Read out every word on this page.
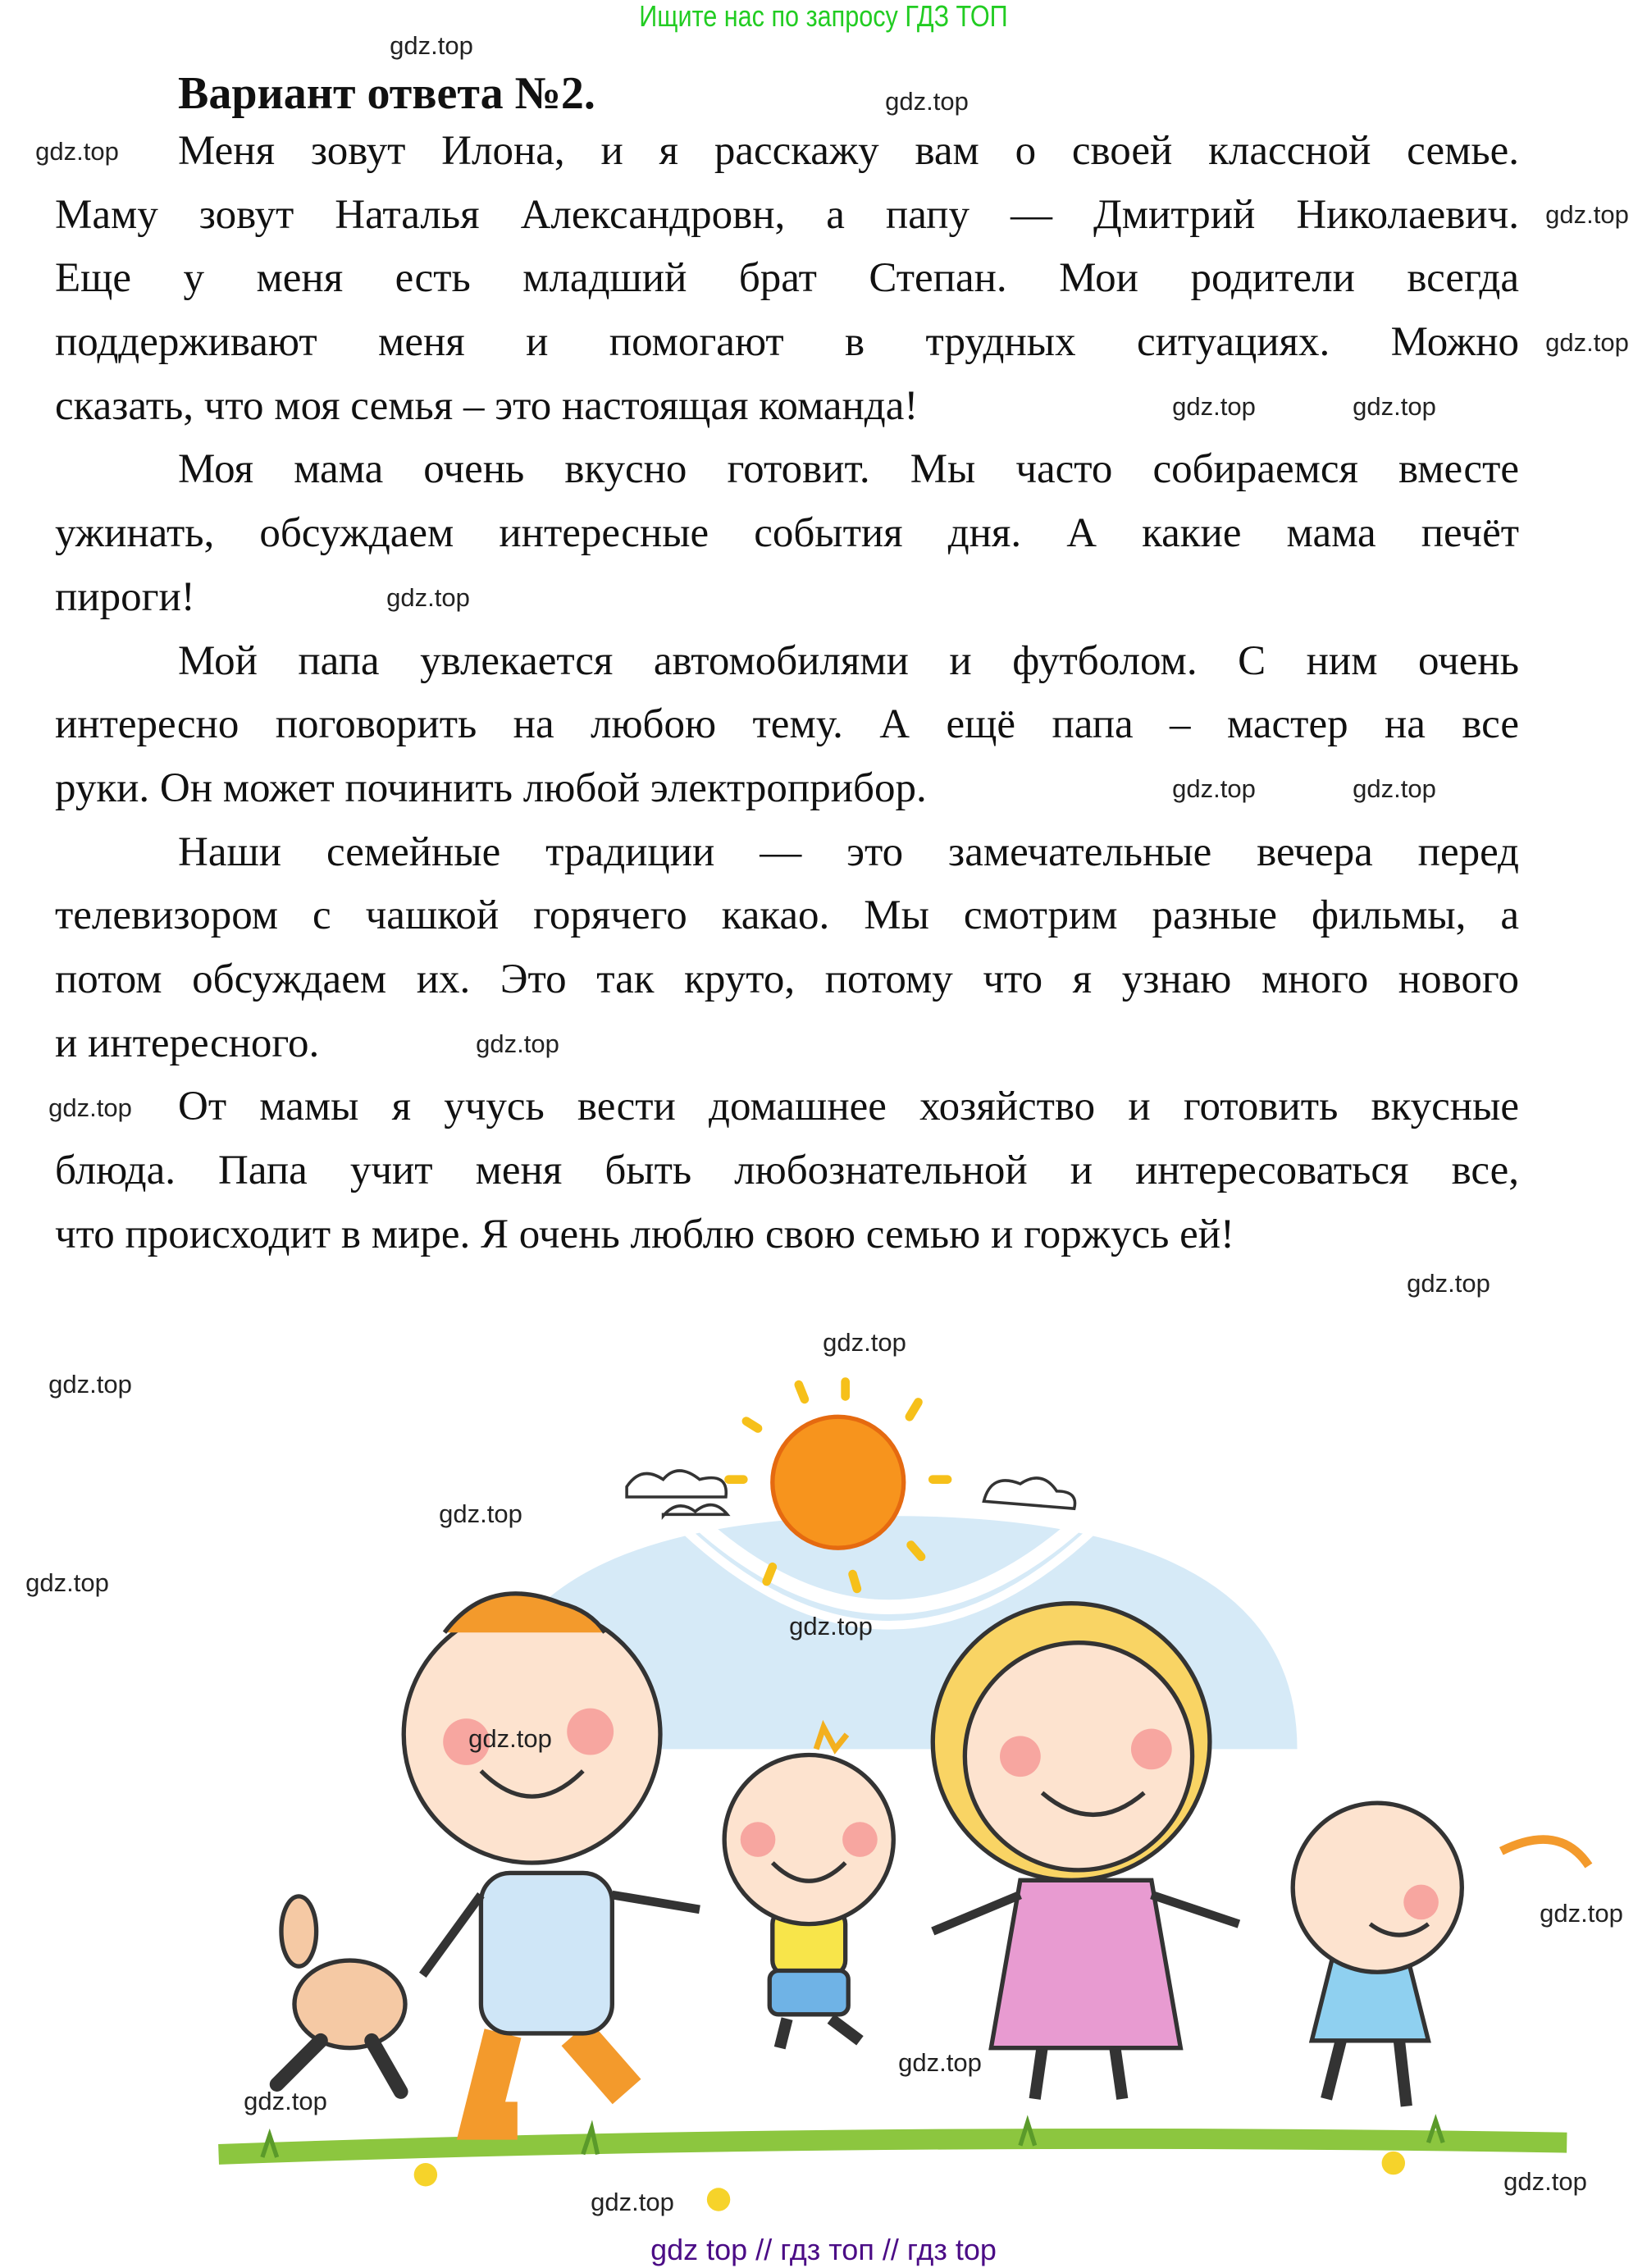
Ищите нас по запросу ГДЗ ТОП
Вариант ответа №2.
Меня зовут Илона, и я расскажу вам о своей классной семье.
Маму зовут Наталья Александровн, а папу — Дмитрий Николаевич.
Еще у меня есть младший брат Степан. Мои родители всегда
поддерживают меня и помогают в трудных ситуациях. Можно
сказать, что моя семья – это настоящая команда!
Моя мама очень вкусно готовит. Мы часто собираемся вместе
ужинать, обсуждаем интересные события дня. А какие мама печёт
пироги!
Мой папа увлекается автомобилями и футболом. С ним очень
интересно поговорить на любою тему. А ещё папа – мастер на все
руки. Он может починить любой электроприбор.
Наши семейные традиции — это замечательные вечера перед
телевизором с чашкой горячего какао. Мы смотрим разные фильмы, а
потом обсуждаем их. Это так круто, потому что я узнаю много нового
и интересного.
От мамы я учусь вести домашнее хозяйство и готовить вкусные
блюда. Папа учит меня быть любознательной и интересоваться все,
что происходит в мире. Я очень люблю свою семью и горжусь ей!
gdz.top
gdz.top
gdz.top
gdz.top
gdz.top
gdz.top	gdz.top
gdz.top
gdz.top	gdz.top
gdz.top
gdz.top
gdz.top
gdz.top
gdz.top
gdz.top
gdz.top
gdz.top
gdz.top
gdz.top
gdz.top
gdz.top
gdz.top
gdz.top
gdz top // гдз топ // гдз top
